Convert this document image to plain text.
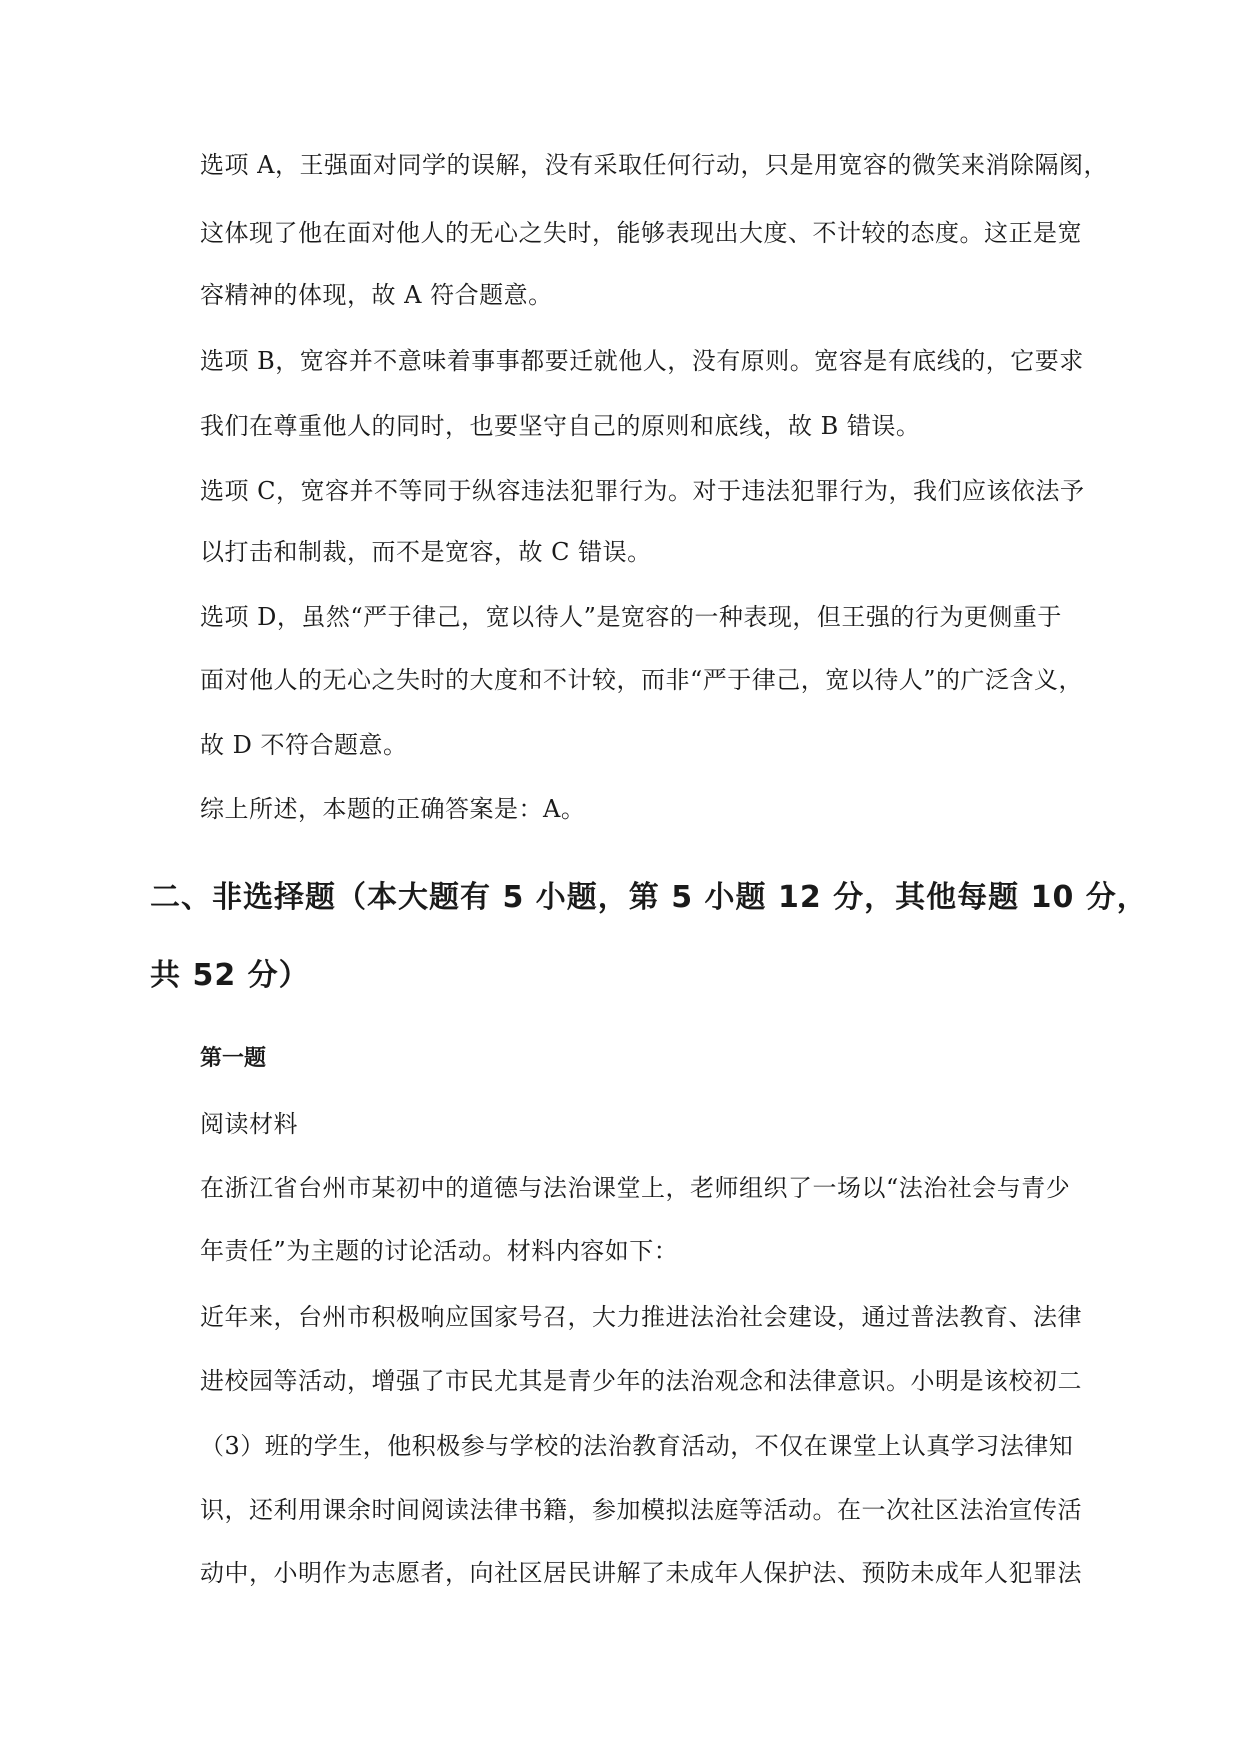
选项 A，王强面对同学的误解，没有采取任何行动，只是用宽容的微笑来消除隔阂，
这体现了他在面对他人的无心之失时，能够表现出大度、不计较的态度。这正是宽
容精神的体现，故 A 符合题意。
选项 B，宽容并不意味着事事都要迁就他人，没有原则。宽容是有底线的，它要求
我们在尊重他人的同时，也要坚守自己的原则和底线，故 B 错误。
选项 C，宽容并不等同于纵容违法犯罪行为。对于违法犯罪行为，我们应该依法予
以打击和制裁，而不是宽容，故 C 错误。
选项 D，虽然“严于律己，宽以待人”是宽容的一种表现，但王强的行为更侧重于
面对他人的无心之失时的大度和不计较，而非“严于律己，宽以待人”的广泛含义，
故 D 不符合题意。
综上所述，本题的正确答案是：A。
二、非选择题（本大题有 5 小题，第 5 小题 12 分，其他每题 10 分，
共 52 分）
第一题
阅读材料
在浙江省台州市某初中的道德与法治课堂上，老师组织了一场以“法治社会与青少
年责任”为主题的讨论活动。材料内容如下：
近年来，台州市积极响应国家号召，大力推进法治社会建设，通过普法教育、法律
进校园等活动，增强了市民尤其是青少年的法治观念和法律意识。小明是该校初二
（3）班的学生，他积极参与学校的法治教育活动，不仅在课堂上认真学习法律知
识，还利用课余时间阅读法律书籍，参加模拟法庭等活动。在一次社区法治宣传活
动中，小明作为志愿者，向社区居民讲解了未成年人保护法、预防未成年人犯罪法
